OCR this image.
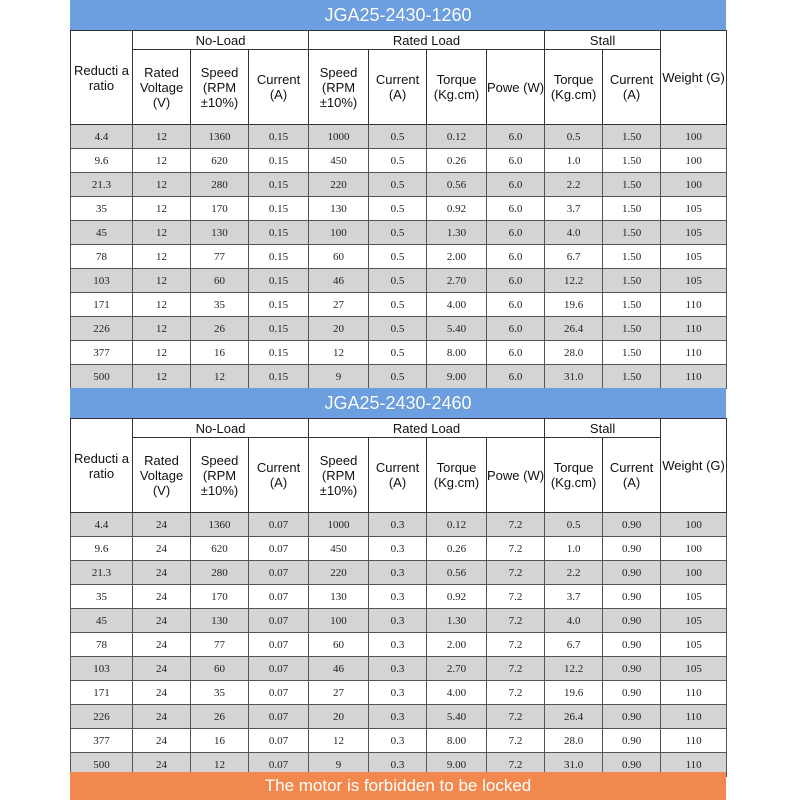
JGA25-2430-1260
Reducti a ratio	No-Load			Rated Load				Stall		Weight (G)
	Rated Voltage (V)	Speed (RPM ±10%)	Current (A)	Speed (RPM ±10%)	Current (A)	Torque (Kg.cm)	Powe (W)	Torque (Kg.cm)	Current (A)	
4.4	12	1360	0.15	1000	0.5	0.12	6.0	0.5	1.50	100
9.6	12	620	0.15	450	0.5	0.26	6.0	1.0	1.50	100
21.3	12	280	0.15	220	0.5	0.56	6.0	2.2	1.50	100
35	12	170	0.15	130	0.5	0.92	6.0	3.7	1.50	105
45	12	130	0.15	100	0.5	1.30	6.0	4.0	1.50	105
78	12	77	0.15	60	0.5	2.00	6.0	6.7	1.50	105
103	12	60	0.15	46	0.5	2.70	6.0	12.2	1.50	105
171	12	35	0.15	27	0.5	4.00	6.0	19.6	1.50	110
226	12	26	0.15	20	0.5	5.40	6.0	26.4	1.50	110
377	12	16	0.15	12	0.5	8.00	6.0	28.0	1.50	110
500	12	12	0.15	9	0.5	9.00	6.0	31.0	1.50	110
JGA25-2430-2460
Reducti a ratio	No-Load			Rated Load				Stall		Weight (G)
	Rated Voltage (V)	Speed (RPM ±10%)	Current (A)	Speed (RPM ±10%)	Current (A)	Torque (Kg.cm)	Powe (W)	Torque (Kg.cm)	Current (A)	
4.4	24	1360	0.07	1000	0.3	0.12	7.2	0.5	0.90	100
9.6	24	620	0.07	450	0.3	0.26	7.2	1.0	0.90	100
21.3	24	280	0.07	220	0.3	0.56	7.2	2.2	0.90	100
35	24	170	0.07	130	0.3	0.92	7.2	3.7	0.90	105
45	24	130	0.07	100	0.3	1.30	7.2	4.0	0.90	105
78	24	77	0.07	60	0.3	2.00	7.2	6.7	0.90	105
103	24	60	0.07	46	0.3	2.70	7.2	12.2	0.90	105
171	24	35	0.07	27	0.3	4.00	7.2	19.6	0.90	110
226	24	26	0.07	20	0.3	5.40	7.2	26.4	0.90	110
377	24	16	0.07	12	0.3	8.00	7.2	28.0	0.90	110
500	24	12	0.07	9	0.3	9.00	7.2	31.0	0.90	110
The motor is forbidden to be locked
